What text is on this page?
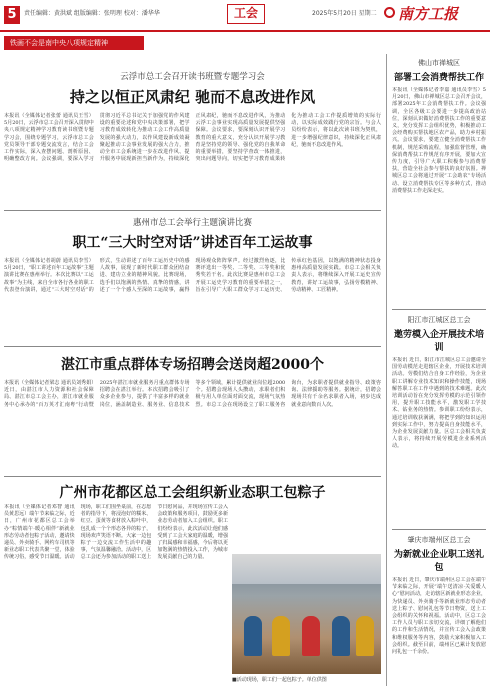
5	责任编辑：黄洪斌 组版编辑：张明理 校对：潘华华	工会	2025年5月20日 星期二 南方工报
铁画不会是南中央八项规定精神
云浮市总工会召开读书班暨专题学习会
持之以恒正风肃纪 驰而不息改进作风
本报讯（全媒体记者张蕾 通讯员王雪）5月20日，云浮市总工会召开深入贯彻中央八项规定精神学习教育读书班暨专题学习会，围绕专题学习，云浮市总工会党员领导干部专题交流发言，结合工会工作实际，深入查摆问题、剖析原因、明确整改方向。会议强调，要深入学习贯彻习近平总书记关于加强党的作风建设的重要论述和党中央决策部署，把学习教育成效转化为推动工会工作高质量发展的强大动力，以作风建设新成效凝聚起推动工会事业发展的强大合力，推动全市工会系统进一步在改进作风、提升服务中展现新担当新作为，持续深化正风肃纪，驰而不息改进作风，为推动云浮工会事业实现高质量发展提供坚强保障。会议要求，要深刻认识开展学习教育的重大意义，充分认识开展学习教育是坚持党的领导、强化党的自我革命的重要举措，要坚持学查改一体推进，突出问题导向，切实把学习教育成果转化为推动工会工作提质增效的实际行动，以实际成效践行党的宗旨。与会人员纷纷表示，将以此次读书班为契机，进一步增强纪律意识，持续深化正风肃纪，驰而不息改进作风。
惠州市总工会举行主题演讲比赛
职工“三大时空对话”讲述百年工运故事
本报讯（全媒体记者胡蔚 通讯员李雪）5月20日，“职工讲述百年工运故事”主题演讲比赛在惠州举行。本次比赛以“工运故事”为主线，来自全市各行各业的职工代表登台演讲，通过“三大时空对话”的形式，生动讲述了百年工运历史中的感人故事，展现了新时代职工群众团结奋进、建功立业的精神风貌。比赛现场，选手们以饱满的热情、真挚的情感，讲述了一个个感人至深的工运故事，赢得现场观众阵阵掌声。经过激烈角逐，比赛评选出一等奖、二等奖、三等奖和优秀奖若干名。此次比赛是惠州市总工会开展工运史学习教育的重要举措之一，旨在引导广大职工群众学习工运历史、传承红色基因，以饱满的精神状态投身惠州高质量发展实践。市总工会相关负责人表示，将继续深入开展工运史宣传教育，讲好工运故事，弘扬劳模精神、劳动精神、工匠精神。
湛江市重点群体专场招聘会送岗超2000个
本报讯（全媒体记者梁志 通讯员刘秀娟）近日，由湛江市人力资源和社会保障局、湛江市总工会主办，湛江市就业服务中心承办的“百万英才汇南粤”行动暨2025年湛江市就业服务月重点群体专场招聘会在湛江举行。本次招聘会吸引了众多企业参与，提供了丰富多样的就业岗位，涵盖制造业、服务业、信息技术等多个领域，累计提供就业岗位超2000个。招聘会现场人头攒动，求职者们积极与用人单位面对面交流，现场气氛热烈。市总工会在现场设立了职工服务咨询台，为求职者提供就业指导、政策咨询、法律援助等服务。据统计，招聘会现场共有千余名求职者入场，初步达成就业意向数百人次。
广州市花都区总工会组织新业态职工包粽子
本报讯（全媒体记者邓智 通讯员黄思远）端午节来临之际，近日，广州市花都区总工会举办“粽情端午·暖心相伴”新就业形态劳动者包粽子活动，邀请快递员、外卖骑手、网约车司机等新业态职工代表共聚一堂，体验传统习俗，感受节日温暖。活动现场，职工们围坐桌前，在志愿者的指导下，将浸泡好的糯米、红豆、蛋黄等食材放入粽叶中，包扎成一个个形态各异的粽子，现场欢声笑语不断。大家一边包粽子一边交流工作生活中的趣事，气氛温馨融洽。活动中，区总工会还为参加活动的职工送上节日慰问品，并现场宣传工会入会政策和服务项目，鼓励更多新业态劳动者加入工会组织。职工们纷纷表示，此次活动让他们感受到了工会大家庭的温暖，增强了归属感和幸福感，今后将以更加饱满的热情投入工作，为城市发展贡献自己的力量。
■活动现场，职工们一起包粽子。单位供图
佛山市禅城区
部署工会消费帮扶工作
本报讯（全媒体记者李嘉 通讯员李雪）5月20日，佛山市禅城区总工会召开会议，部署2025年工会消费帮扶工作。会议强调，全区各级工会要进一步提高政治站位，深刻认识做好消费帮扶工作的重要意义，充分发挥工会组织优势，积极推动工会经费购买帮扶地区农产品，助力乡村振兴。会议要求，要建立健全消费帮扶工作机制，规范采购流程，加强监督管理，确保消费帮扶工作规范有序开展，要加大宣传力度，引导广大职工积极参与消费帮扶，营造全社会参与帮扶的良好氛围。禅城区总工会将通过开展“工会助农”专场活动、设立消费帮扶专区等多种方式，推动消费帮扶工作走深走实。
阳江市江城区总工会
邀劳模入企开展技术培训
本报讯 近日，阳江市江城区总工会邀请全国劳动模范走进辖区企业，开展技术培训活动。劳模们结合自身工作经验，为企业职工讲解专业技术知识和操作技能，现场解答职工在工作中遇到的技术难题。此次培训活动旨在充分发挥劳模的示范引领作用，提升职工技能水平，激发职工学技术、钻业务的热情。参训职工纷纷表示，通过培训收获满满，将把学到的知识运用到实际工作中，努力提高自身技能水平，为企业发展贡献力量。区总工会相关负责人表示，将持续开展劳模进企业系列活动。
肇庆市端州区总工会
为新就业企业职工送礼包
本报讯 近日，肇庆市端州区总工会在端午节来临之际，开展“端午送清凉·关爱暖人心”慰问活动，走访辖区新就业形态企业，为快递员、外卖骑手等新就业形态劳动者送上粽子、慰问礼包等节日物资，送上工会组织的关怀和祝福。活动中，区总工会工作人员与职工亲切交流，详细了解他们的工作和生活情况，并宣传工会入会政策和维权服务等内容，鼓励大家积极加入工会组织。截至目前，端州区已累计发放慰问礼包一千余份。
